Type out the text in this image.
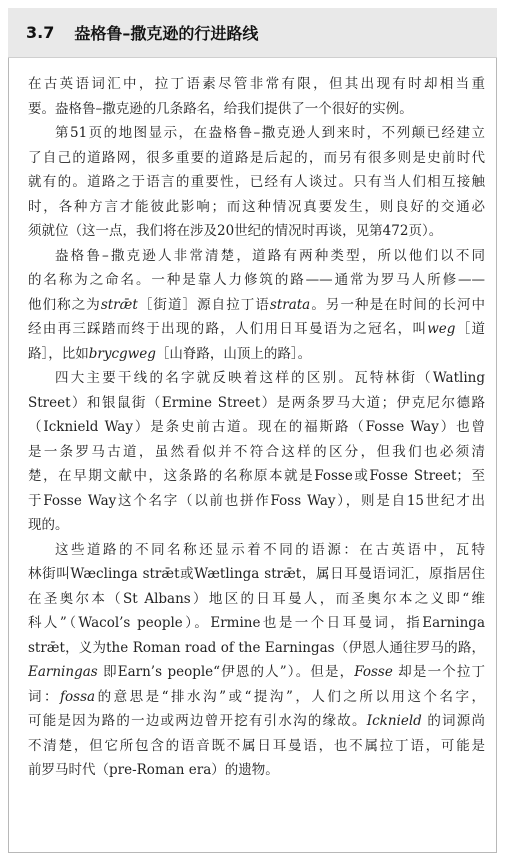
3.7 盎格鲁–撒克逊的行进路线
在古英语词汇中，拉丁语素尽管非常有限，但其出现有时却相当重
要。盎格鲁–撒克逊的几条路名，给我们提供了一个很好的实例。
第51页的地图显示，在盎格鲁–撒克逊人到来时，不列颠已经建立
了自己的道路网，很多重要的道路是后起的，而另有很多则是史前时代
就有的。道路之于语言的重要性，已经有人谈过。只有当人们相互接触
时，各种方言才能彼此影响；而这种情况真要发生，则良好的交通必
须就位（这一点，我们将在涉及20世纪的情况时再谈，见第472页）。
盎格鲁–撒克逊人非常清楚，道路有两种类型，所以他们以不同
的名称为之命名。一种是靠人力修筑的路——通常为罗马人所修——
他们称之为strǣt［街道］源自拉丁语strata。另一种是在时间的长河中
经由再三踩踏而终于出现的路，人们用日耳曼语为之冠名，叫weg［道
路］，比如brycgweg［山脊路，山顶上的路］。
四大主要干线的名字就反映着这样的区别。瓦特林街（Watling
Street）和银鼠街（Ermine Street）是两条罗马大道；伊克尼尔德路
（Icknield Way）是条史前古道。现在的福斯路（Fosse Way）也曾
是一条罗马古道，虽然看似并不符合这样的区分，但我们也必须清
楚，在早期文献中，这条路的名称原本就是Fosse或Fosse Street；至
于Fosse Way这个名字（以前也拼作Foss Way），则是自15世纪才出
现的。
这些道路的不同名称还显示着不同的语源：在古英语中，瓦特
林街叫Wæclinga strǣt或Wætlinga strǣt，属日耳曼语词汇，原指居住
在圣奥尔本（St Albans）地区的日耳曼人，而圣奥尔本之义即“维
科人”（Wacol’s people）。Ermine也是一个日耳曼词，指Earninga
strǣt，义为the Roman road of the Earningas（伊恩人通往罗马的路，
Earningas 即Earn’s people“伊恩的人”）。但是，Fosse 却是一个拉丁
词：fossa的意思是“排水沟”或“提沟”，人们之所以用这个名字，
可能是因为路的一边或两边曾开挖有引水沟的缘故。Icknield 的词源尚
不清楚，但它所包含的语音既不属日耳曼语，也不属拉丁语，可能是
前罗马时代（pre-Roman era）的遗物。
